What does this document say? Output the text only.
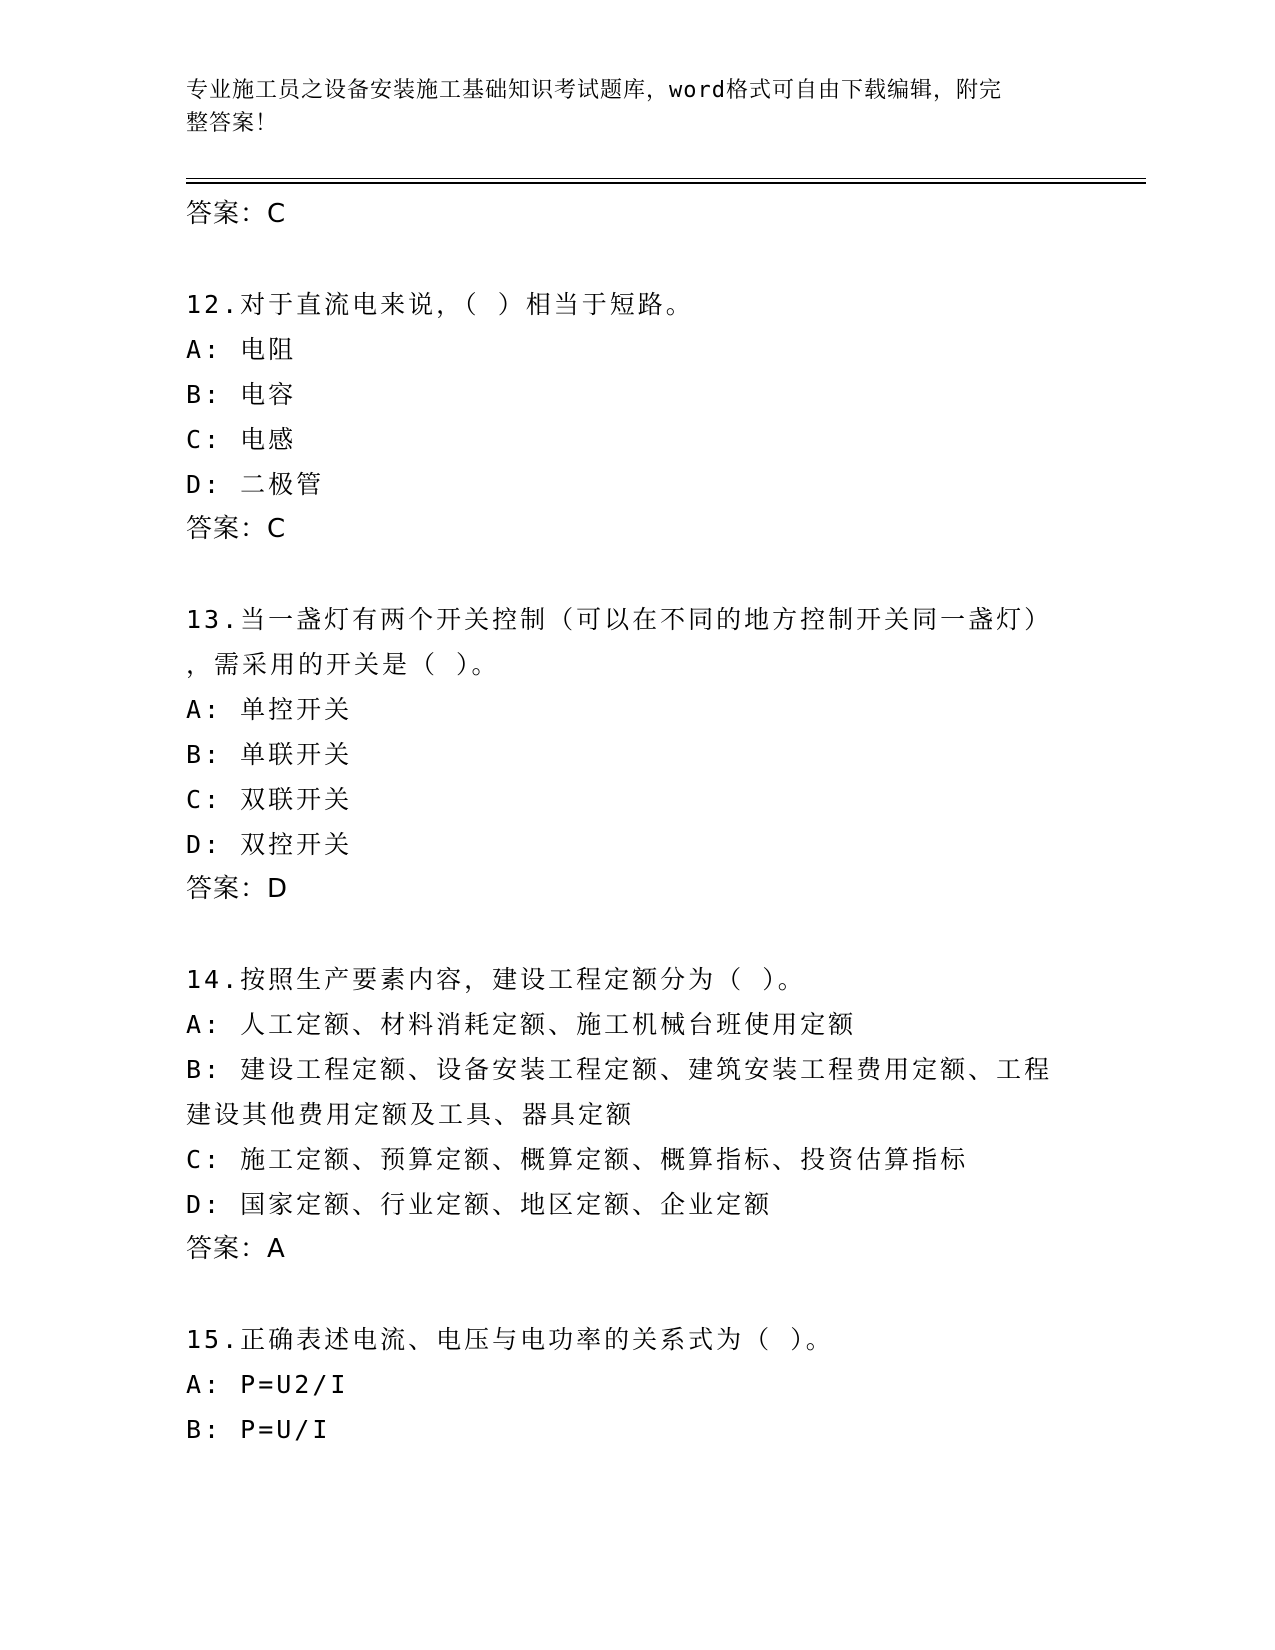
专业施工员之设备安装施工基础知识考试题库，word格式可自由下载编辑，附完
整答案！
答案：C
12.对于直流电来说，（ ）相当于短路。
A: 电阻
B: 电容
C: 电感
D: 二极管
答案：C
13.当一盏灯有两个开关控制（可以在不同的地方控制开关同一盏灯）
，需采用的开关是（ ）。
A: 单控开关
B: 单联开关
C: 双联开关
D: 双控开关
答案：D
14.按照生产要素内容，建设工程定额分为（ ）。
A: 人工定额、材料消耗定额、施工机械台班使用定额
B: 建设工程定额、设备安装工程定额、建筑安装工程费用定额、工程
建设其他费用定额及工具、器具定额
C: 施工定额、预算定额、概算定额、概算指标、投资估算指标
D: 国家定额、行业定额、地区定额、企业定额
答案：A
15.正确表述电流、电压与电功率的关系式为（ ）。
A: P=U2/I
B: P=U/I
